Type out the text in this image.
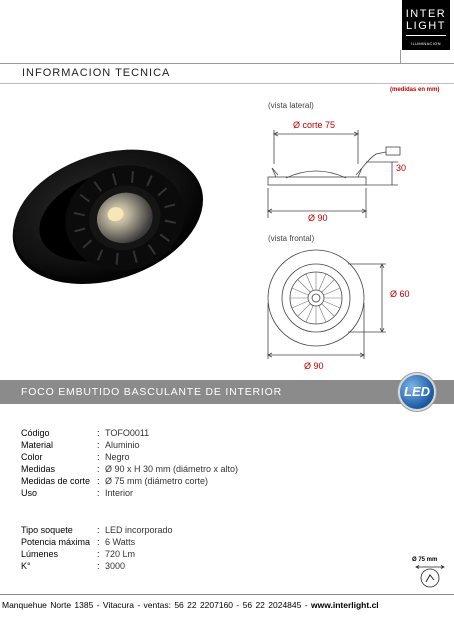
INTER
LIGHT
ILUMINACION
INFORMACION TECNICA
(medidas en mm)
(vista lateral)
Ø corte 75
30
Ø 90
(vista frontal)
Ø 60
Ø 90
FOCO EMBUTIDO BASCULANTE DE INTERIOR	LED
Código	: TOFO0011
Material	: Aluminio
Color	: Negro
Medidas	: Ø 90 x H 30 mm (diámetro x alto)
Medidas de corte : Ø 75 mm (diámetro corte)
Uso	: Interior
Tipo soquete	: LED incorporado
Potencia máxima : 6 Watts
Lúmenes	: 720 Lm
K°	: 3000
Ø 75 mm
Manquehue Norte 1385 - Vitacura - ventas: 56 22 2207160 - 56 22 2024845 - www.interlight.cl
